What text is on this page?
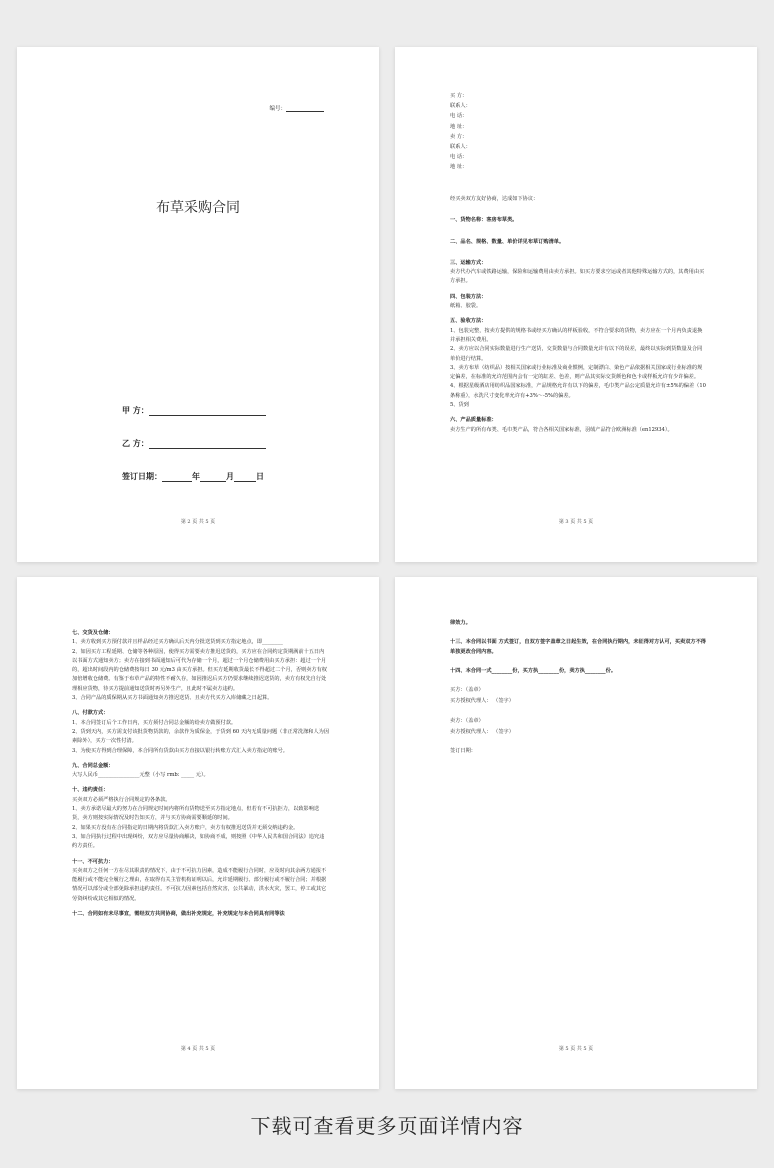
编号：
布草采购合同
甲 方：
乙 方：
签订日期：	年	月	日
第 2 页 共 5 页
买 方：
联系人：
电 话：
地 址：
卖 方：
联系人：
电 话：
地 址：
经买卖双方友好协商，达成如下协议：
一、货物名称：客房布草类。
二、品名、规格、数量、单价详见布草订购清单。
三、运输方式：
卖方代办汽车或铁路运输，保险和运输费用由卖方承担。如买方要求空运或者其他特殊运输方式的，其费用由买方承担。
四、包装方法：
纸箱、胶袋。
五、验收方法：
1、包装完整，按卖方提供的规格书或经买方确认的样板验收，不符合要求的货物，卖方应在一个月内负责退换并承担相关费用。
2、卖方应以合同实际数量进行生产送货，交货数量与合同数量允许有以下的误差，最终以实际到货数量及合同单价进行结算。
3、卖方布草（纺织品）按相关国家或行业标准及商业惯例，定制漂白、染色产品依据相关国家或行业标准的规定偏差，在标准的允许范围内会有一定的缸差、色差，则产品其实际交货颜色和色卡或样板允许有少许偏差。
4、根据星级酒店用纺织品国家标准，产品规格允许有以下的偏差，毛巾类产品公定质量允许有±5%的偏差（10条称重），水洗尺寸变化率允许有+3%～-5%的偏差。
5、货到
六、产品质量标准：
卖方生产的所有布类、毛巾类产品，符合各相关国家标准，羽绒产品符合欧洲标准（en12934）。
第 3 页 共 5 页
七、交货及仓储：
1、卖方收到买方预付款并且样品经过买方确认后天内分批送货到买方指定地点，即________
2、如因买方工程延期、仓储等各种原因，使得买方需要卖方推迟送货的，买方应在合同约定货期满前十五日内以书面方式通知卖方；卖方在接到书面通知后可代为存储一个月，超过一个月仓储费用由买方承担：超过一个月的，超出时间段内的仓储费按每日 30 元/m3 由买方承担。但买方延期收货最长不得超过二个月，否则卖方有权加倍增收仓储费。有鉴于布草产品的特性不耐久存，如因推迟后买方仍要求继续推迟送货的，卖方有权先自行处理相应货物，待买方提前通知送货时再另外生产，且此时不属卖方违约。
3、合同产品的质保期从买方书面通知卖方推迟送货、且卖方代买方入库储藏之日起算。
八、付款方式：
1、本合同签订后个工作日内，买方须付合同总金额的给卖方做预付款。
2、货到天内，买方需支付该批货物货款的，余款作为质保金，于货到 60 天内无质量问题（非正常洗涤和人为因素除外），买方一次性付清。
3、为使买方得到合理保障，本合同所有货款由买方直接以银行转账方式汇入卖方指定的账号。
九、合同总金额：
大写人民币________________元整（小写 rmb: _____ 元）。
十、违约责任：
买卖双方必须严格执行合同规定的各条款。
1、卖方承诺尽最大的努力在合同规定时间内将所有货物送至买方指定地点，但若有不可抗拒力，以致影响送货，卖方则按实际情况及时告知买方，并与买方协商需要顺延的时间。
2、如果买方没有在合同指定的日期内将货款汇入卖方账户，卖方有权推迟送货并无须交纳违约金。
3、如合同执行过程中出现纠纷，双方应尽量协商解决，如协商不成，则按照《中华人民共和国合同法》追究违约方责任。
十一、不可抗力：
买卖双方之任何一方在尽其职责的情况下，由于不可抗力因素，造成不能履行合同时，应及时向其余两方通报不能履行或不能完全履行之理由，在取得有关主管机构证明以后，允许延期履行、部分履行或不履行合同；并根据情况可以部分或全部免除承担违约责任。不可抗力因素包括自然灾害，公共暴动，洪水火灾，罢工，停工或其它劳资纠纷或其它相似的情况。
十二、合同如有未尽事宜，需经双方共同协商，做出补充规定，补充规定与本合同具有同等法
第 4 页 共 5 页
律效力。
十三、本合同以书面 方式签订，自双方签字盖章之日起生效，在合同执行期内，未征得对方认可，买卖双方不得单独更改合同内容。
十四、本合同一式________份，买方执________份，卖方执________份。
买方：（盖章）
买方授权代理人： （签字）
卖方：（盖章）
卖方授权代理人： （签字）
签订日期：
第 5 页 共 5 页
下载可查看更多页面详情内容
